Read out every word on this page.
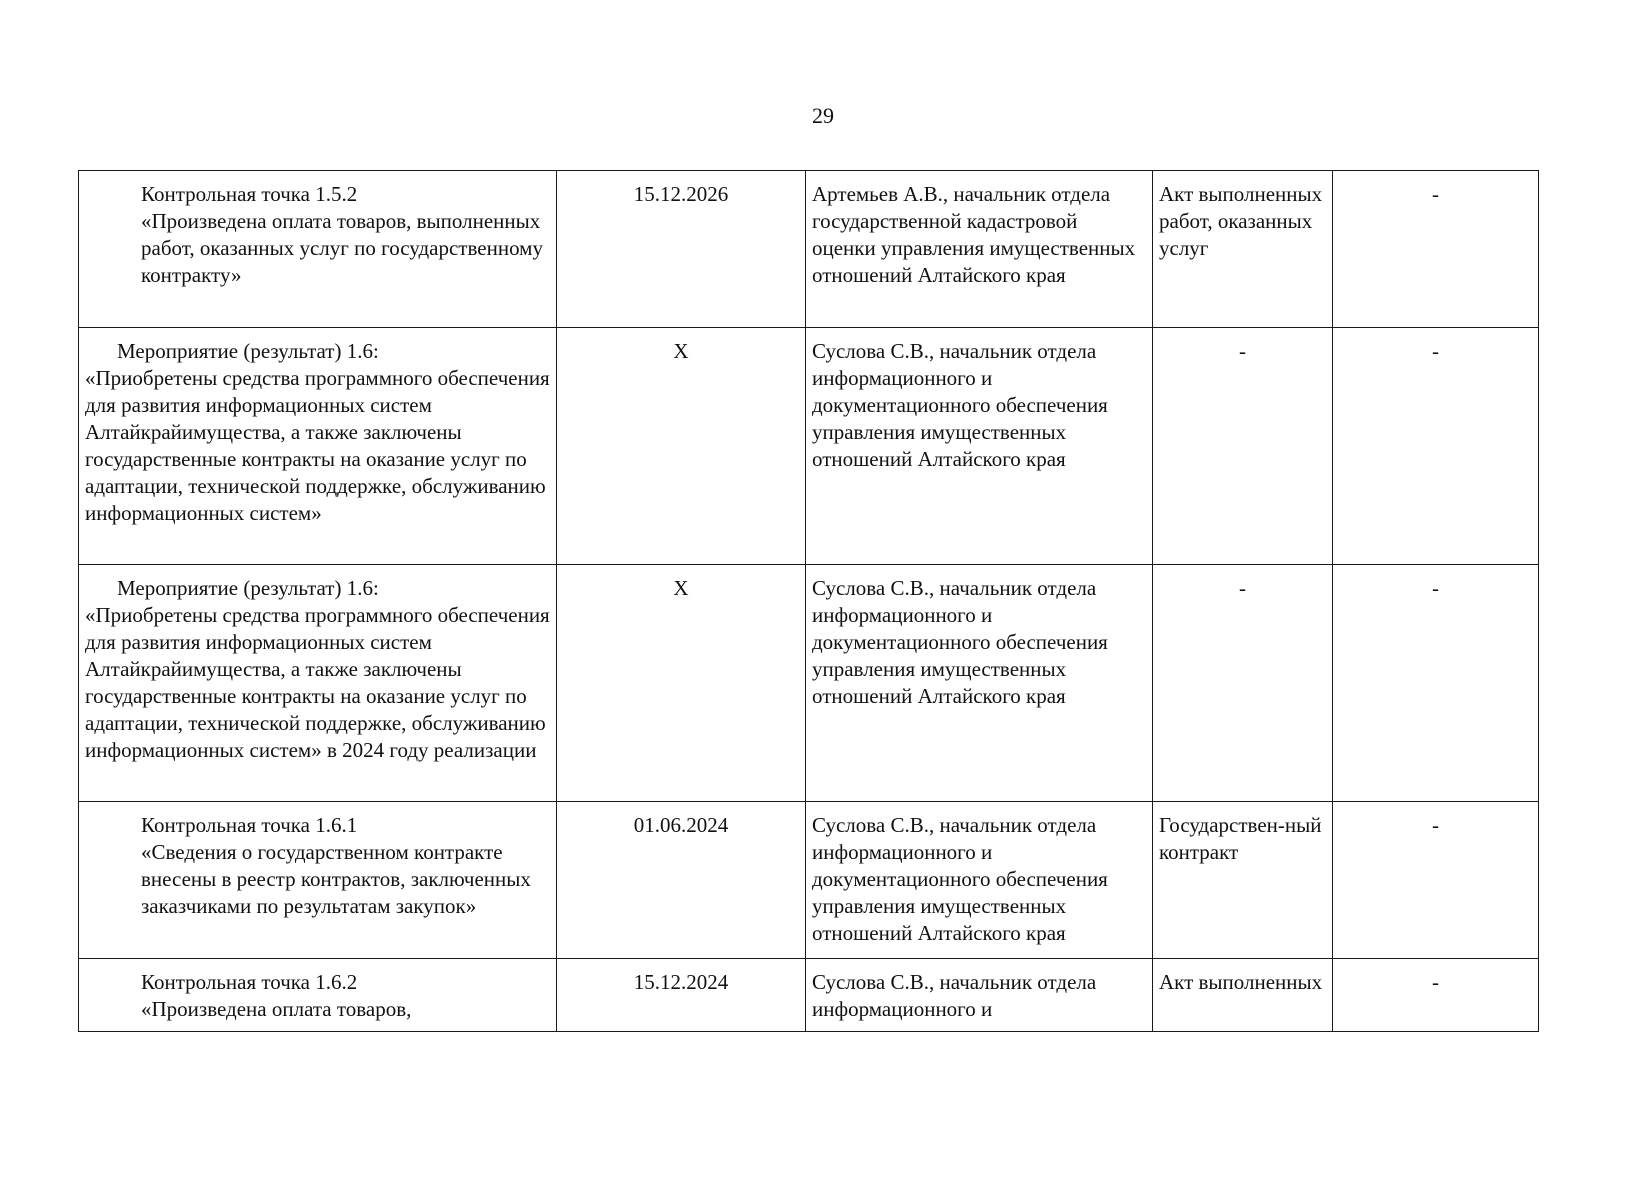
29
Контрольная точка 1.5.2
«Произведена оплата товаров, выполненных работ, оказанных услуг по государственному контракту»	15.12.2026	Артемьев А.В., начальник отдела государственной кадастровой оценки управления имущественных отношений Алтайского края	Акт выполненных работ, оказанных услуг	-

Мероприятие (результат) 1.6:
«Приобретены средства программного обеспечения для развития информационных систем Алтайкрайимущества, а также заключены государственные контракты на оказание услуг по адаптации, технической поддержке, обслуживанию информационных систем»	Х	Суслова С.В., начальник отдела информационного и документационного обеспечения управления имущественных отношений Алтайского края	-	-

Мероприятие (результат) 1.6:
«Приобретены средства программного обеспечения для развития информационных систем Алтайкрайимущества, а также заключены государственные контракты на оказание услуг по адаптации, технической поддержке, обслуживанию информационных систем» в 2024 году реализации	Х	Суслова С.В., начальник отдела информационного и документационного обеспечения управления имущественных отношений Алтайского края	-	-

Контрольная точка 1.6.1
«Сведения о государственном контракте внесены в реестр контрактов, заключенных заказчиками по результатам закупок»	01.06.2024	Суслова С.В., начальник отдела информационного и документационного обеспечения управления имущественных отношений Алтайского края	Государствен-ный контракт	-

Контрольная точка 1.6.2
«Произведена оплата товаров,	15.12.2024	Суслова С.В., начальник отдела информационного и	Акт выполненных	-
